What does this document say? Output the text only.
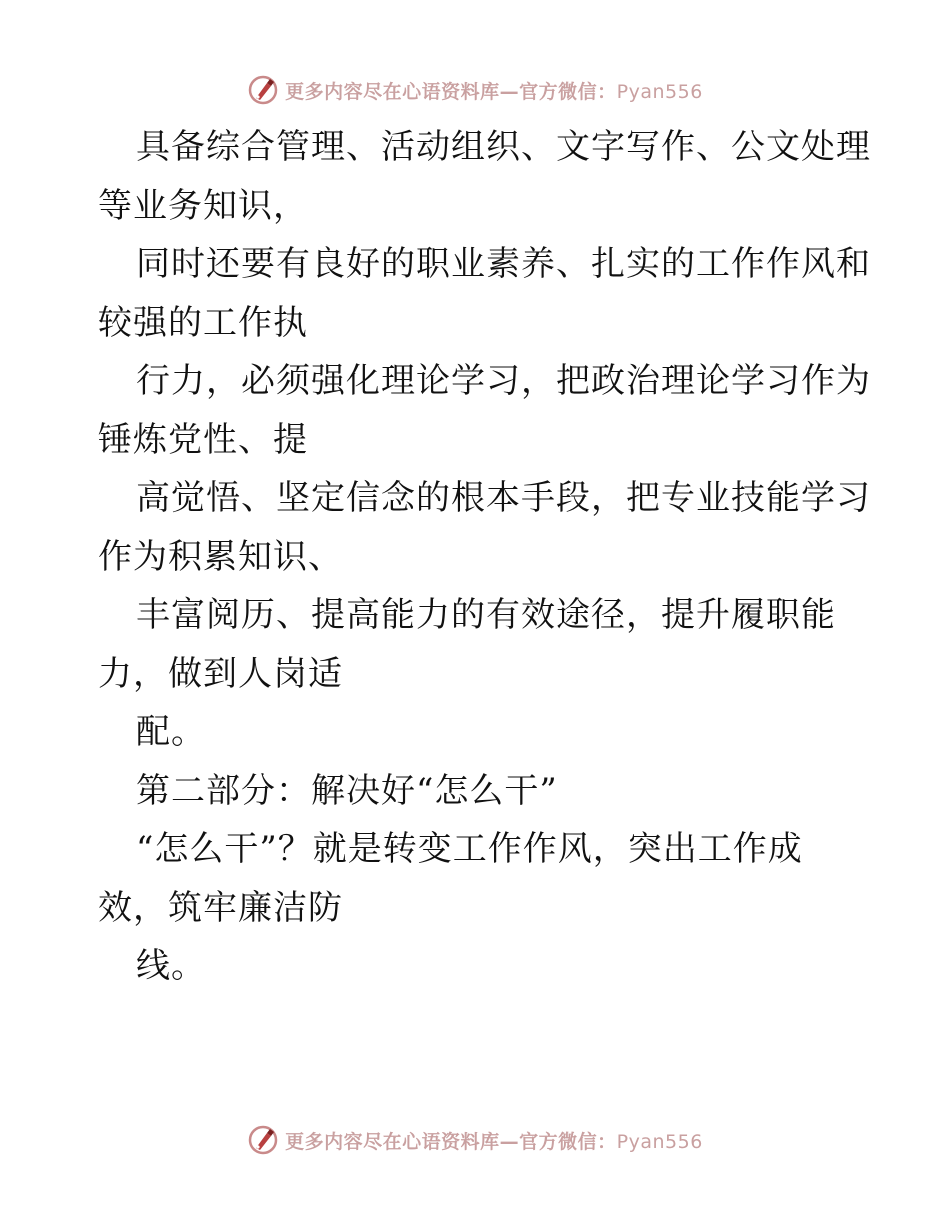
更多内容尽在心语资料库—官方微信：Pyan556
具备综合管理、活动组织、文字写作、公文处理
等业务知识，
同时还要有良好的职业素养、扎实的工作作风和
较强的工作执
行力，必须强化理论学习，把政治理论学习作为
锤炼党性、提
高觉悟、坚定信念的根本手段，把专业技能学习
作为积累知识、
丰富阅历、提高能力的有效途径，提升履职能
力，做到人岗适
配。
第二部分：解决好“怎么干”
“怎么干”？就是转变工作作风，突出工作成
效，筑牢廉洁防
线。
更多内容尽在心语资料库—官方微信：Pyan556
